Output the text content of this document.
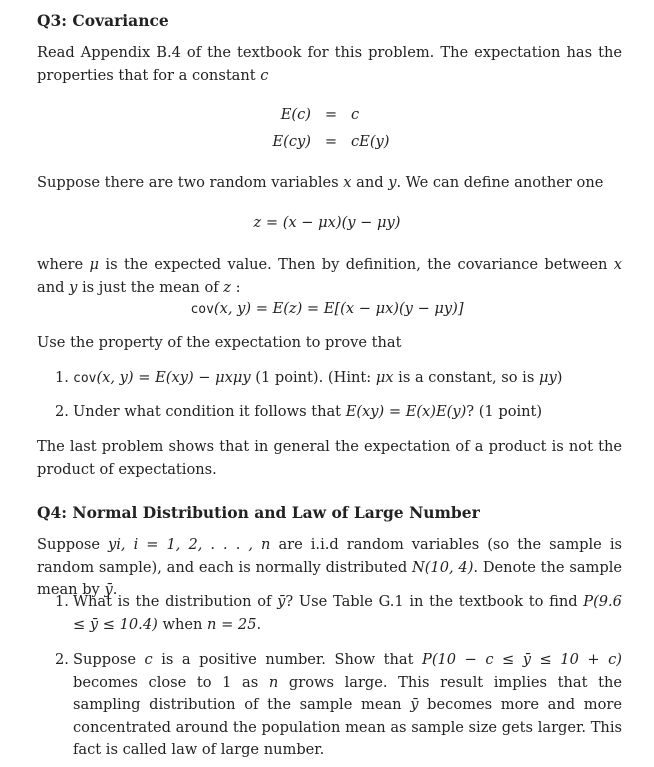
Q3: Covariance
Read Appendix B.4 of the textbook for this problem. The expectation has the properties that for a constant c
E(c) = c
E(cy) = cE(y)
Suppose there are two random variables x and y. We can define another one
z = (x − μx)(y − μy)
where μ is the expected value. Then by definition, the covariance between x and y is just the mean of z :
cov(x, y) = E(z) = E[(x − μx)(y − μy)]
Use the property of the expectation to prove that
1. cov(x, y) = E(xy) − μxμy (1 point). (Hint: μx is a constant, so is μy)
2. Under what condition it follows that E(xy) = E(x)E(y)? (1 point)
The last problem shows that in general the expectation of a product is not the product of expectations.
Q4: Normal Distribution and Law of Large Number
Suppose yi, i = 1, 2, . . . , n are i.i.d random variables (so the sample is random sample), and each is normally distributed N(10, 4). Denote the sample mean by ȳ.
1. What is the distribution of ȳ? Use Table G.1 in the textbook to find P(9.6 ≤ ȳ ≤ 10.4) when n = 25.
2. Suppose c is a positive number. Show that P(10 − c ≤ ȳ ≤ 10 + c) becomes close to 1 as n grows large. This result implies that the sampling distribution of the sample mean ȳ becomes more and more concentrated around the population mean as sample size gets larger. This fact is called law of large number.
